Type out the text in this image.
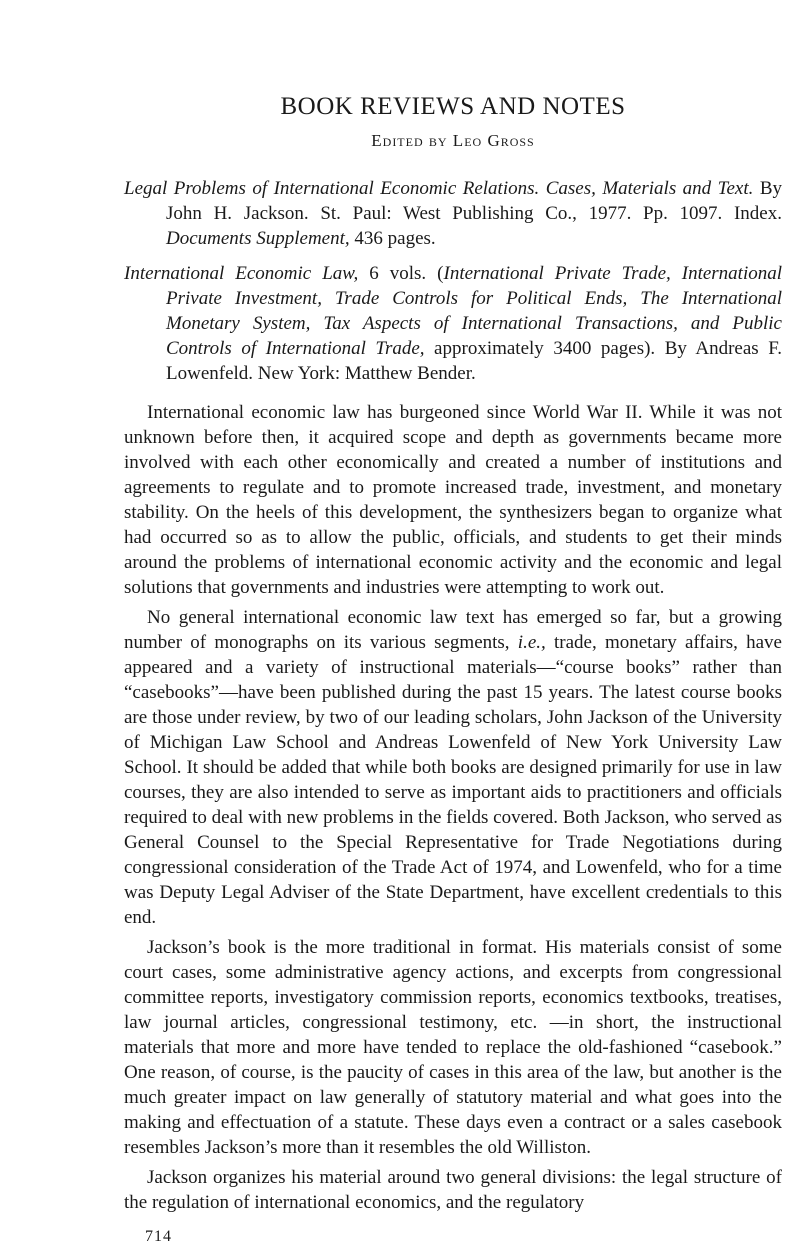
BOOK REVIEWS AND NOTES
Edited by Leo Gross

Legal Problems of International Economic Relations. Cases, Materials and Text. By John H. Jackson. St. Paul: West Publishing Co., 1977. Pp. 1097. Index. Documents Supplement, 436 pages.

International Economic Law, 6 vols. (International Private Trade, International Private Investment, Trade Controls for Political Ends, The International Monetary System, Tax Aspects of International Transactions, and Public Controls of International Trade, approximately 3400 pages). By Andreas F. Lowenfeld. New York: Matthew Bender.

International economic law has burgeoned since World War II. While it was not unknown before then, it acquired scope and depth as governments became more involved with each other economically and created a number of institutions and agreements to regulate and to promote increased trade, investment, and monetary stability. On the heels of this development, the synthesizers began to organize what had occurred so as to allow the public, officials, and students to get their minds around the problems of international economic activity and the economic and legal solutions that governments and industries were attempting to work out.

No general international economic law text has emerged so far, but a growing number of monographs on its various segments, i.e., trade, monetary affairs, have appeared and a variety of instructional materials—“course books” rather than “casebooks”—have been published during the past 15 years. The latest course books are those under review, by two of our leading scholars, John Jackson of the University of Michigan Law School and Andreas Lowenfeld of New York University Law School. It should be added that while both books are designed primarily for use in law courses, they are also intended to serve as important aids to practitioners and officials required to deal with new problems in the fields covered. Both Jackson, who served as General Counsel to the Special Representative for Trade Negotiations during congressional consideration of the Trade Act of 1974, and Lowenfeld, who for a time was Deputy Legal Adviser of the State Department, have excellent credentials to this end.

Jackson’s book is the more traditional in format. His materials consist of some court cases, some administrative agency actions, and excerpts from congressional committee reports, investigatory commission reports, economics textbooks, treatises, law journal articles, congressional testimony, etc. —in short, the instructional materials that more and more have tended to replace the old-fashioned “casebook.” One reason, of course, is the paucity of cases in this area of the law, but another is the much greater impact on law generally of statutory material and what goes into the making and effectuation of a statute. These days even a contract or a sales casebook resembles Jackson’s more than it resembles the old Williston.

Jackson organizes his material around two general divisions: the legal structure of the regulation of international economics, and the regulatory

714
